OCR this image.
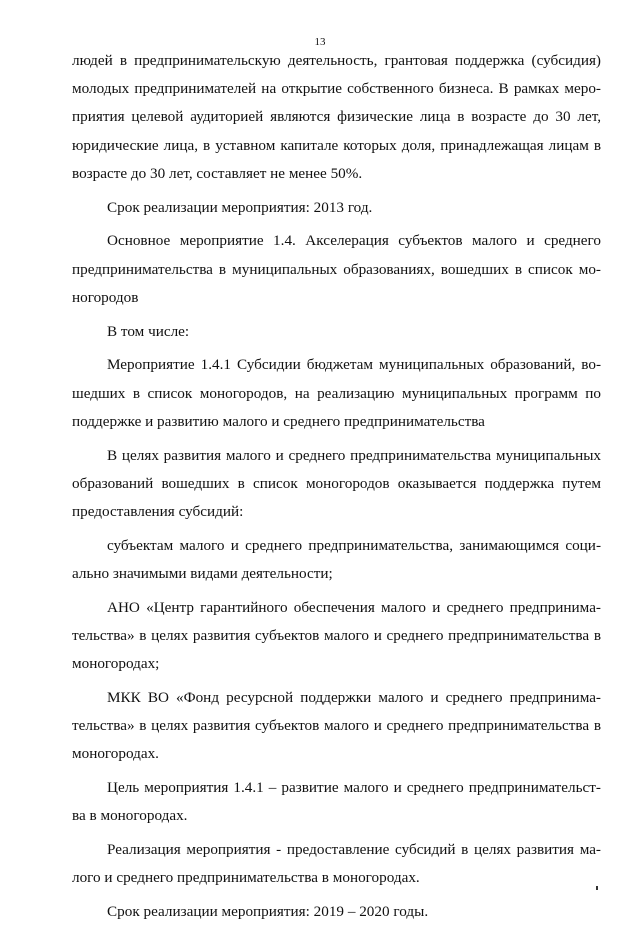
13

людей в предпринимательскую деятельность, грантовая поддержка (субсидия)
молодых предпринимателей на открытие собственного бизнеса. В рамках меро-
приятия целевой аудиторией являются физические лица в возрасте до 30 лет,
юридические лица, в уставном капитале которых доля, принадлежащая лицам в
возрасте до 30 лет, составляет не менее 50%.

Срок реализации мероприятия: 2013 год.

Основное мероприятие 1.4. Акселерация субъектов малого и среднего
предпринимательства в муниципальных образованиях, вошедших в список мо-
ногородов

В том числе:

Мероприятие 1.4.1 Субсидии бюджетам муниципальных образований, во-
шедших в список моногородов, на реализацию муниципальных программ по
поддержке и развитию малого и среднего предпринимательства

В целях развития малого и среднего предпринимательства муниципальных
образований вошедших в список моногородов оказывается поддержка путем
предоставления субсидий:

субъектам малого и среднего предпринимательства, занимающимся соци-
ально значимыми видами деятельности;

АНО «Центр гарантийного обеспечения малого и среднего предпринима-
тельства» в целях развития субъектов малого и среднего предпринимательства в
моногородах;

МКК ВО «Фонд ресурсной поддержки малого и среднего предпринима-
тельства» в целях развития субъектов малого и среднего предпринимательства в
моногородах.

Цель мероприятия 1.4.1 – развитие малого и среднего предпринимательст-
ва в моногородах.

Реализация мероприятия - предоставление субсидий в целях развития ма-
лого и среднего предпринимательства в моногородах.

Срок реализации мероприятия: 2019 – 2020 годы.
